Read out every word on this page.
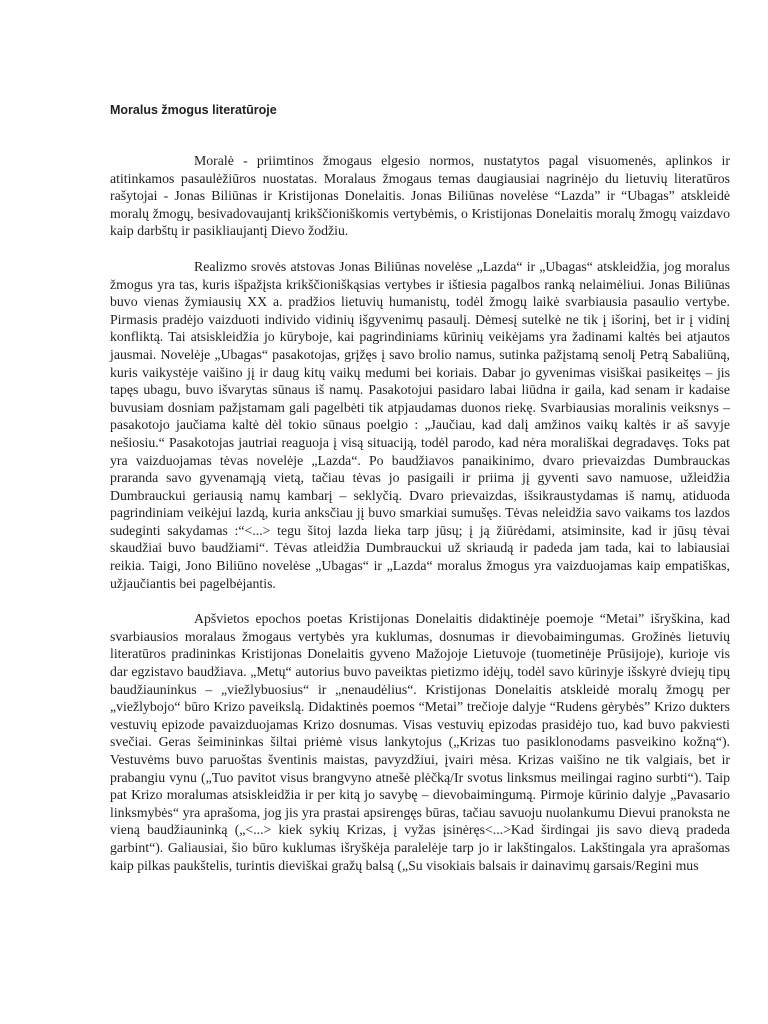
Moralus žmogus literatūroje

Moralė - priimtinos žmogaus elgesio normos, nustatytos pagal visuomenės, aplinkos ir atitinkamos pasaulėžiūros nuostatas. Moralaus žmogaus temas daugiausiai nagrinėjo du lietuvių literatūros rašytojai - Jonas Biliūnas ir Kristijonas Donelaitis. Jonas Biliūnas novelėse “Lazda” ir “Ubagas” atskleidė moralų žmogų, besivadovaujantį krikščioniškomis vertybėmis, o Kristijonas Donelaitis moralų žmogų vaizdavo kaip darbštų ir pasikliaujantį Dievo žodžiu.

Realizmo srovės atstovas Jonas Biliūnas novelėse „Lazda“ ir „Ubagas“ atskleidžia, jog moralus žmogus yra tas, kuris išpažįsta krikščioniškąsias vertybes ir ištiesia pagalbos ranką nelaimėliui. Jonas Biliūnas buvo vienas žymiausių XX a. pradžios lietuvių humanistų, todėl žmogų laikė svarbiausia pasaulio vertybe. Pirmasis pradėjo vaizduoti individo vidinių išgyvenimų pasaulį. Dėmesį sutelkė ne tik į išorinį, bet ir į vidinį konfliktą. Tai atsiskleidžia jo kūryboje, kai pagrindiniams kūrinių veikėjams yra žadinami kaltės bei atjautos jausmai. Novelėje „Ubagas“ pasakotojas, grįžęs į savo brolio namus, sutinka pažįstamą senolį Petrą Sabaliūną, kuris vaikystėje vaišino jį ir daug kitų vaikų medumi bei koriais. Dabar jo gyvenimas visiškai pasikeitęs – jis tapęs ubagu, buvo išvarytas sūnaus iš namų. Pasakotojui pasidaro labai liūdna ir gaila, kad senam ir kadaise buvusiam dosniam pažįstamam gali pagelbėti tik atpjaudamas duonos riekę. Svarbiausias moralinis veiksnys – pasakotojo jaučiama kaltė dėl tokio sūnaus poelgio : „Jaučiau, kad dalį amžinos vaikų kaltės ir aš savyje nešiosiu.“ Pasakotojas jautriai reaguoja į visą situaciją, todėl parodo, kad nėra morališkai degradavęs. Toks pat yra vaizduojamas tėvas novelėje „Lazda“. Po baudžiavos panaikinimo, dvaro prievaizdas Dumbrauckas praranda savo gyvenamąją vietą, tačiau tėvas jo pasigaili ir priima jį gyventi savo namuose, užleidžia Dumbrauckui geriausią namų kambarį – seklyčią. Dvaro prievaizdas, išsikraustydamas iš namų, atiduoda pagrindiniam veikėjui lazdą, kuria anksčiau jį buvo smarkiai sumušęs. Tėvas neleidžia savo vaikams tos lazdos sudeginti sakydamas :“<...> tegu šitoj lazda lieka tarp jūsų; į ją žiūrėdami, atsiminsite, kad ir jūsų tėvai skaudžiai buvo baudžiami“. Tėvas atleidžia Dumbrauckui už skriaudą ir padeda jam tada, kai to labiausiai reikia. Taigi, Jono Biliūno novelėse „Ubagas“ ir „Lazda“ moralus žmogus yra vaizduojamas kaip empatiškas, užjaučiantis bei pagelbėjantis.

Apšvietos epochos poetas Kristijonas Donelaitis didaktinėje poemoje “Metai” išryškina, kad svarbiausios moralaus žmogaus vertybės yra kuklumas, dosnumas ir dievobaimingumas. Grožinės lietuvių literatūros pradininkas Kristijonas Donelaitis gyveno Mažojoje Lietuvoje (tuometinėje Prūsijoje), kurioje vis dar egzistavo baudžiava. „Metų“ autorius buvo paveiktas pietizmo idėjų, todėl savo kūrinyje išskyrė dviejų tipų baudžiauninkus – „viežlybuosius“ ir „nenaudėlius“. Kristijonas Donelaitis atskleidė moralų žmogų per „viežlybojo“ būro Krizo paveikslą. Didaktinės poemos “Metai” trečioje dalyje “Rudens gėrybės” Krizo dukters vestuvių epizode pavaizduojamas Krizo dosnumas. Visas vestuvių epizodas prasidėjo tuo, kad buvo pakviesti svečiai. Geras šeimininkas šiltai priėmė visus lankytojus („Krizas tuo pasiklonodams pasveikino kožną“). Vestuvėms buvo paruoštas šventinis maistas, pavyzdžiui, įvairi mėsa. Krizas vaišino ne tik valgiais, bet ir prabangiu vynu („Tuo pavitot visus brangvyno atnešė plėčką/Ir svotus linksmus meilingai ragino surbti“). Taip pat Krizo moralumas atsiskleidžia ir per kitą jo savybę – dievobaimingumą. Pirmoje kūrinio dalyje „Pavasario linksmybės“ yra aprašoma, jog jis yra prastai apsirengęs būras, tačiau savuoju nuolankumu Dievui pranoksta ne vieną baudžiauninką („<...> kiek sykių Krizas, į vyžas įsinėręs<...>Kad širdingai jis savo dievą pradeda garbint“). Galiausiai, šio būro kuklumas išryškėja paralelėje tarp jo ir lakštingalos. Lakštingala yra aprašomas kaip pilkas paukštelis, turintis dieviškai gražų balsą („Su visokiais balsais ir dainavimų garsais/Regini mus
